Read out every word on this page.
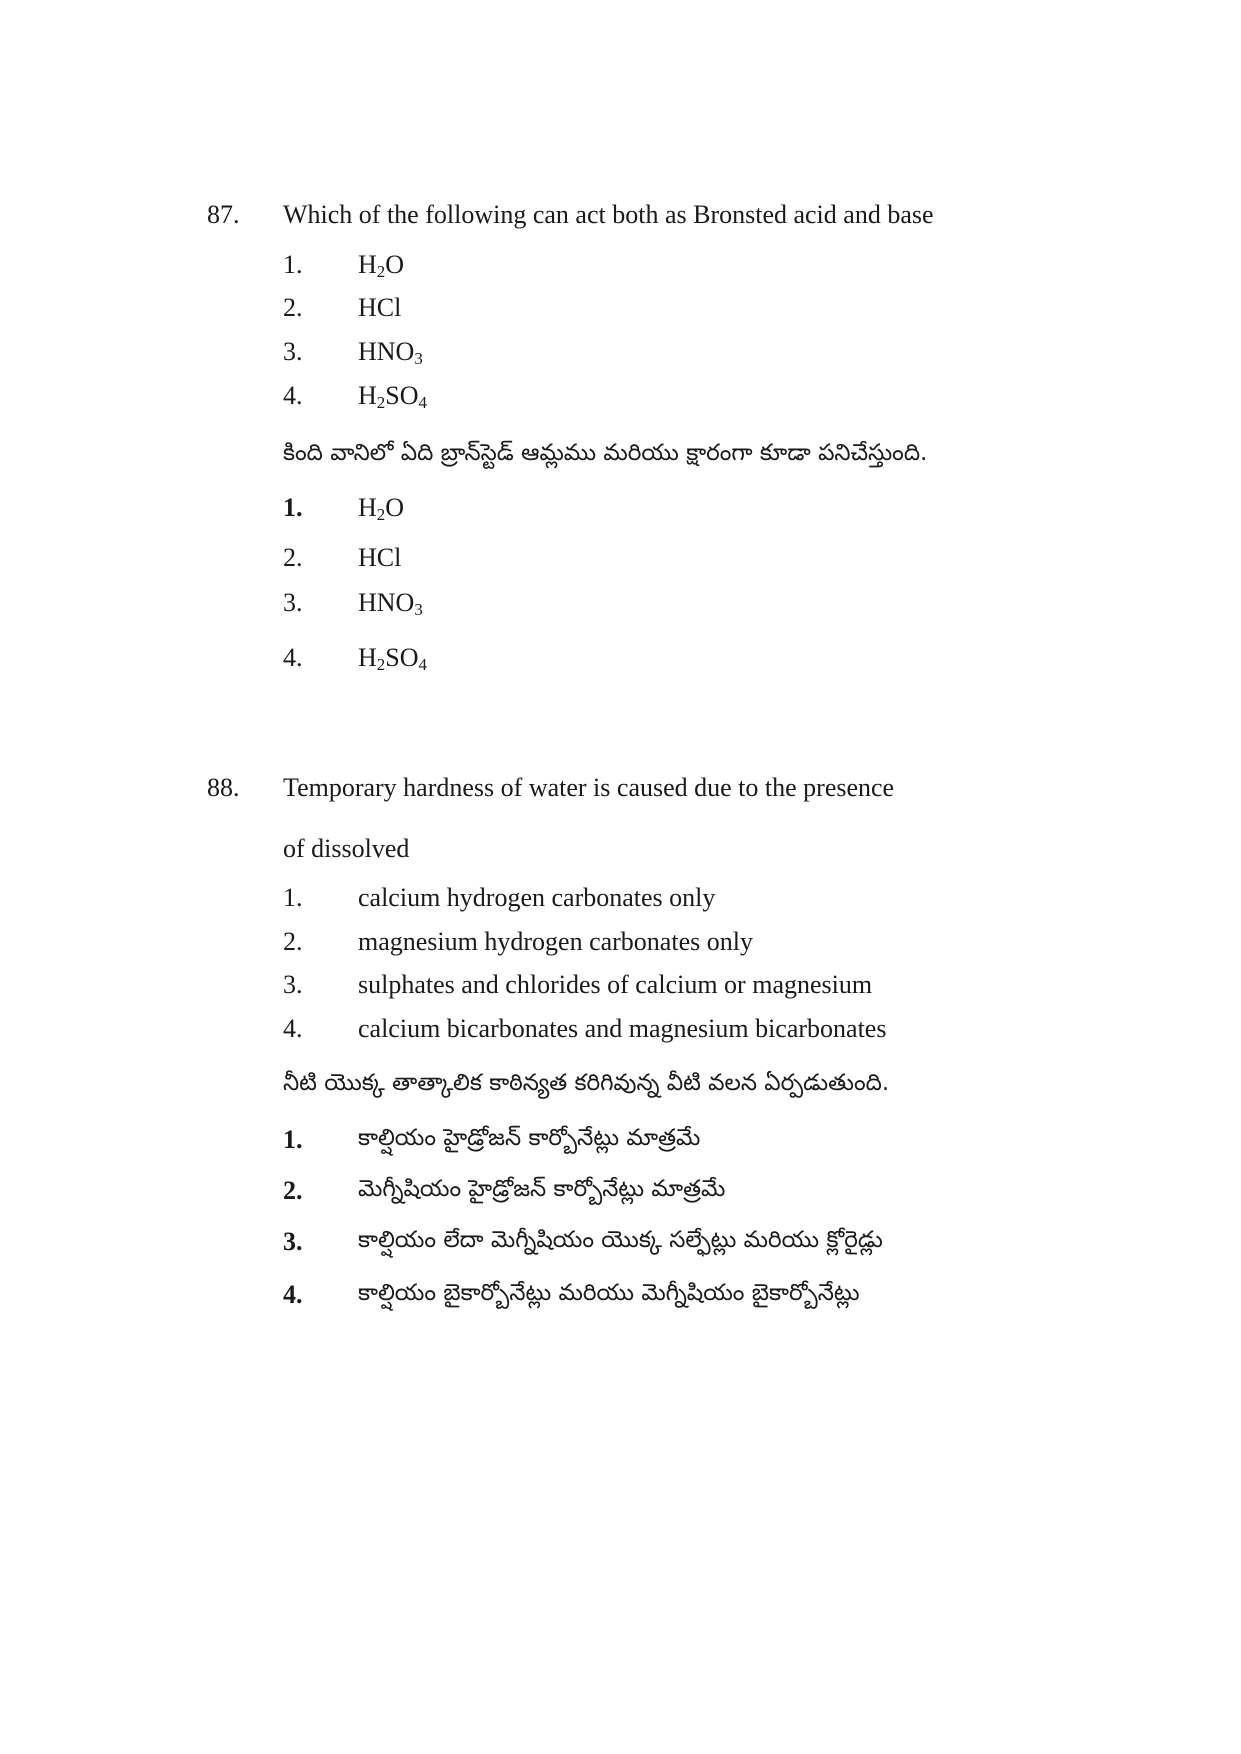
87. Which of the following can act both as Bronsted acid and base
1. $H_2O$
2. HCl
3. $HNO_3$
4. $H_2SO_4$
కింది వానిలో ఏది బ్రాన్‌స్టెడ్ ఆమ్లము మరియు క్షారంగా కూడా పనిచేస్తుంది.
1. $H_2O$
2. HCl
3. $HNO_3$
4. $H_2SO_4$
88. Temporary hardness of water is caused due to the presence
of dissolved
1. calcium hydrogen carbonates only
2. magnesium hydrogen carbonates only
3. sulphates and chlorides of calcium or magnesium
4. calcium bicarbonates and magnesium bicarbonates
నీటి యొక్క తాత్కాలిక కాఠిన్యత కరిగివున్న వీటి వలన ఏర్పడుతుంది.
1. కాల్షియం హైడ్రోజన్ కార్బోనేట్లు మాత్రమే
2. మెగ్నీషియం హైడ్రోజన్ కార్బోనేట్లు మాత్రమే
3. కాల్షియం లేదా మెగ్నీషియం యొక్క సల్ఫేట్లు మరియు క్లోరైడ్లు
4. కాల్షియం బైకార్బోనేట్లు మరియు మెగ్నీషియం బైకార్బోనేట్లు
